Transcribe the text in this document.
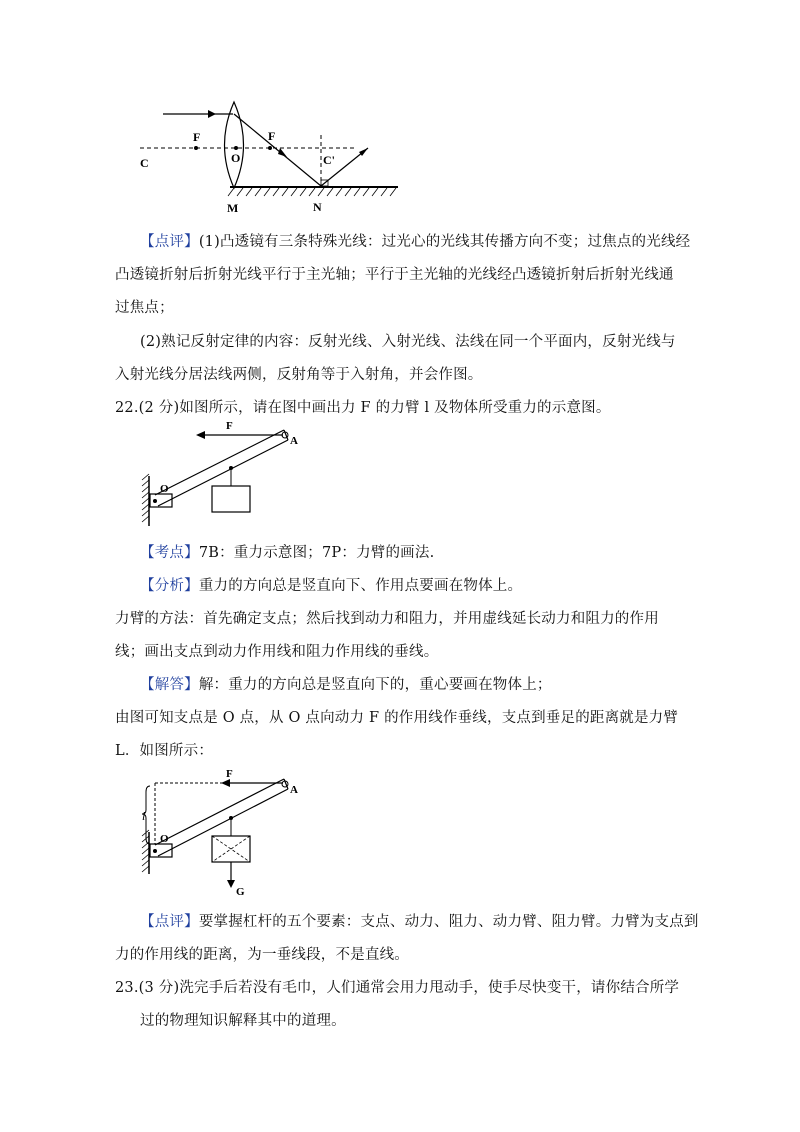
F	F
O
C	C'
M	N
【点评】(1)凸透镜有三条特殊光线：过光心的光线其传播方向不变；过焦点的光线经
凸透镜折射后折射光线平行于主光轴；平行于主光轴的光线经凸透镜折射后折射光线通
过焦点；
(2)熟记反射定律的内容：反射光线、入射光线、法线在同一个平面内，反射光线与
入射光线分居法线两侧，反射角等于入射角，并会作图。
22.(2 分)如图所示，请在图中画出力 F 的力臂 l 及物体所受重力的示意图。
F
A
O
【考点】7B：重力示意图；7P：力臂的画法.
【分析】重力的方向总是竖直向下、作用点要画在物体上。
力臂的方法：首先确定支点；然后找到动力和阻力，并用虚线延长动力和阻力的作用
线；画出支点到动力作用线和阻力作用线的垂线。
【解答】解：重力的方向总是竖直向下的，重心要画在物体上；
由图可知支点是 O 点，从 O 点向动力 F 的作用线作垂线，支点到垂足的距离就是力臂
L．如图所示：
F
A
O
l
G
【点评】要掌握杠杆的五个要素：支点、动力、阻力、动力臂、阻力臂。力臂为支点到
力的作用线的距离，为一垂线段，不是直线。
23.(3 分)洗完手后若没有毛巾，人们通常会用力甩动手，使手尽快变干，请你结合所学
过的物理知识解释其中的道理。
